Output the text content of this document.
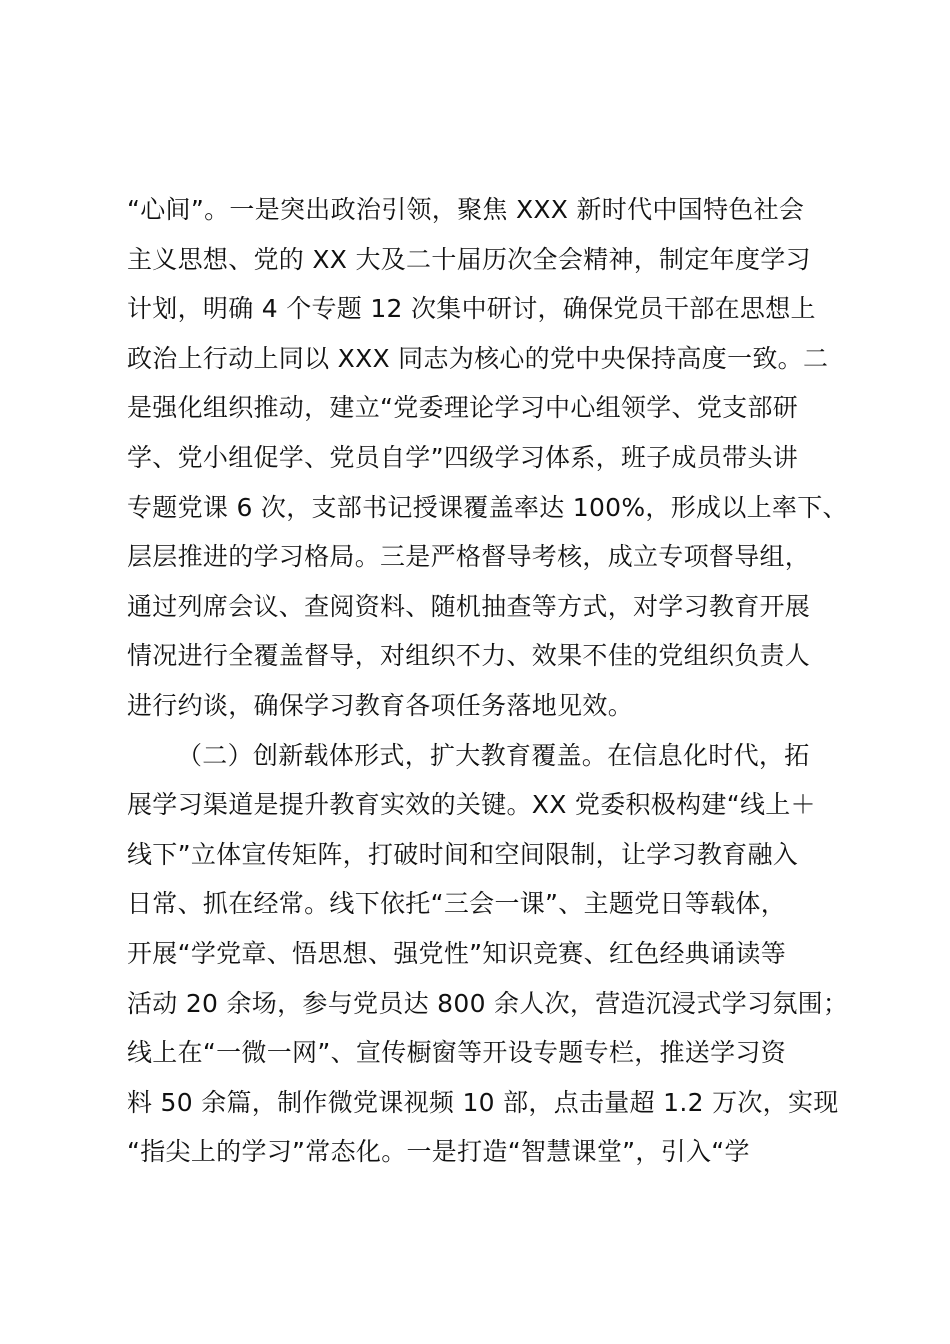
“心间”。一是突出政治引领，聚焦 XXX 新时代中国特色社会
主义思想、党的 XX 大及二十届历次全会精神，制定年度学习
计划，明确 4 个专题 12 次集中研讨，确保党员干部在思想上
政治上行动上同以 XXX 同志为核心的党中央保持高度一致。二
是强化组织推动，建立“党委理论学习中心组领学、党支部研
学、党小组促学、党员自学”四级学习体系，班子成员带头讲
专题党课 6 次，支部书记授课覆盖率达 100%，形成以上率下、
层层推进的学习格局。三是严格督导考核，成立专项督导组，
通过列席会议、查阅资料、随机抽查等方式，对学习教育开展
情况进行全覆盖督导，对组织不力、效果不佳的党组织负责人
进行约谈，确保学习教育各项任务落地见效。
（二）创新载体形式，扩大教育覆盖。在信息化时代，拓
展学习渠道是提升教育实效的关键。XX 党委积极构建“线上＋
线下”立体宣传矩阵，打破时间和空间限制，让学习教育融入
日常、抓在经常。线下依托“三会一课”、主题党日等载体，
开展“学党章、悟思想、强党性”知识竞赛、红色经典诵读等
活动 20 余场，参与党员达 800 余人次，营造沉浸式学习氛围；
线上在“一微一网”、宣传橱窗等开设专题专栏，推送学习资
料 50 余篇，制作微党课视频 10 部，点击量超 1.2 万次，实现
“指尖上的学习”常态化。一是打造“智慧课堂”，引入“学
